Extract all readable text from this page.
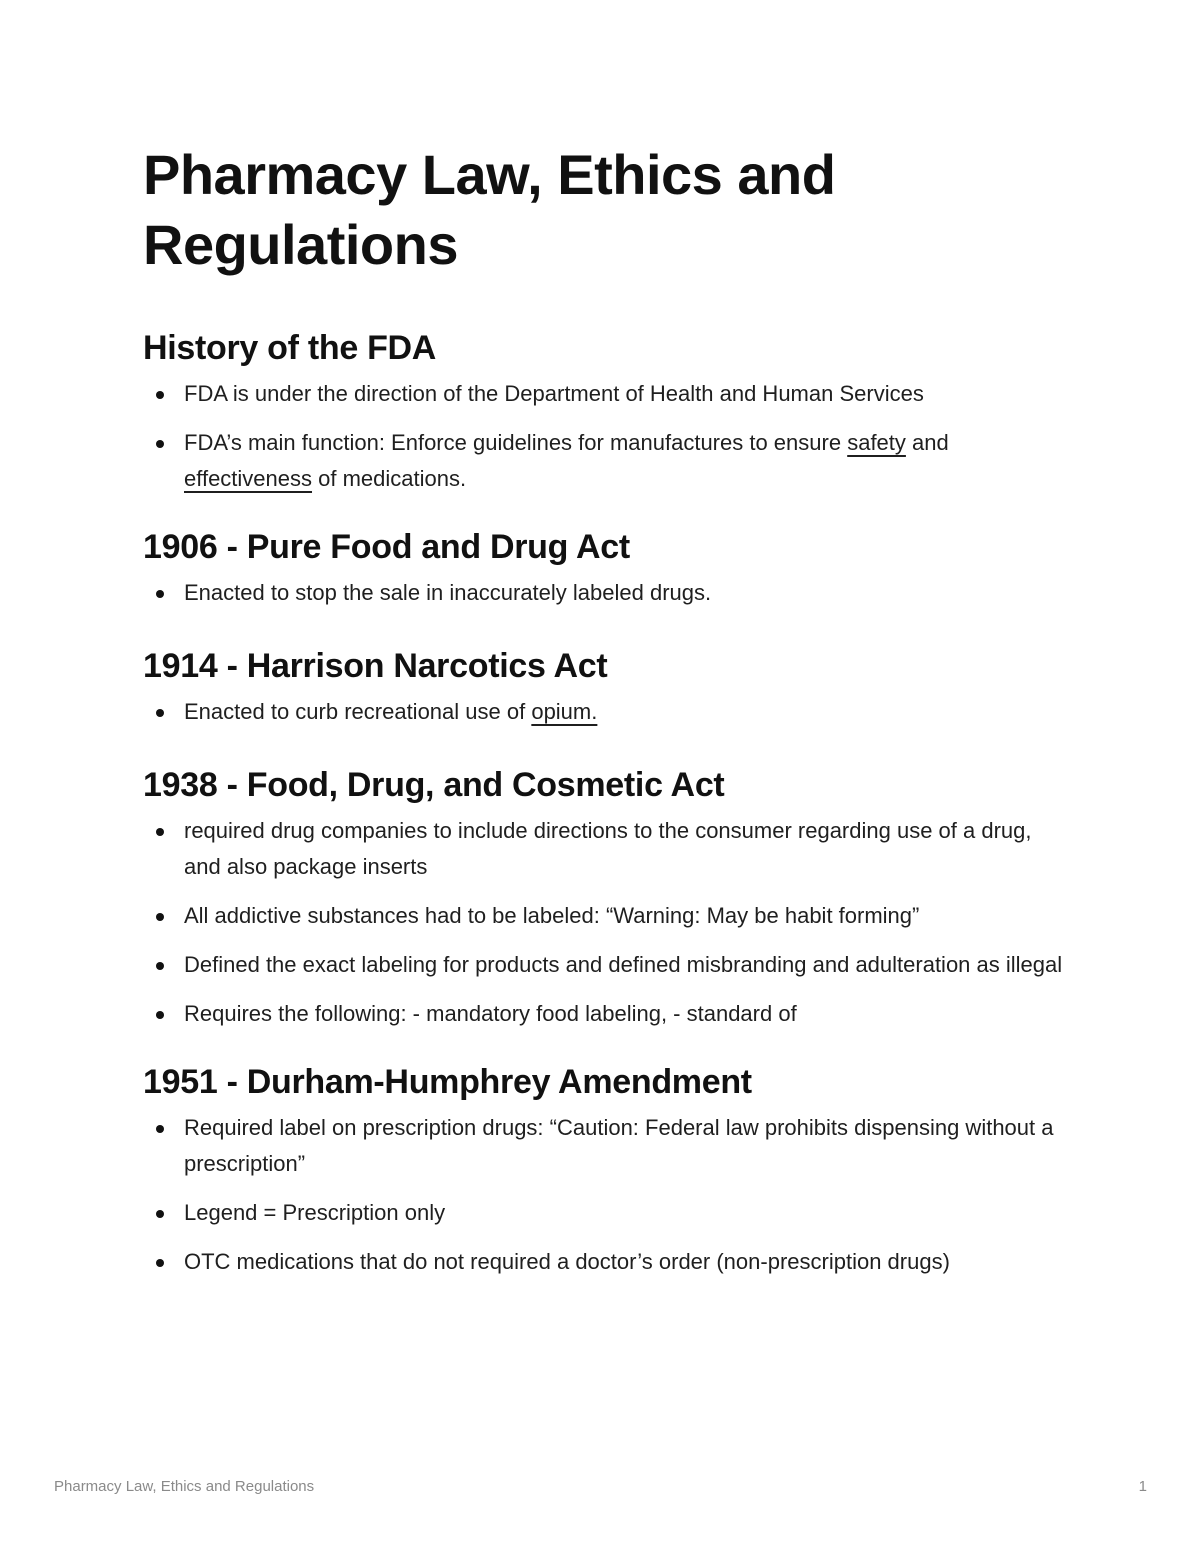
Pharmacy Law, Ethics and Regulations
History of the FDA
FDA is under the direction of the Department of Health and Human Services
FDA’s main function: Enforce guidelines for manufactures to ensure safety and effectiveness of medications.
1906 - Pure Food and Drug Act
Enacted to stop the sale in inaccurately labeled drugs.
1914 - Harrison Narcotics Act
Enacted to curb recreational use of opium.
1938 - Food, Drug, and Cosmetic Act
required drug companies to include directions to the consumer regarding use of a drug, and also package inserts
All addictive substances had to be labeled: “Warning: May be habit forming”
Defined the exact labeling for products and defined misbranding and adulteration as illegal
Requires the following: - mandatory food labeling, - standard of
1951 - Durham-Humphrey Amendment
Required label on prescription drugs: “Caution: Federal law prohibits dispensing without a prescription”
Legend = Prescription only
OTC medications that do not required a doctor’s order (non-prescription drugs)
Pharmacy Law, Ethics and Regulations	1
